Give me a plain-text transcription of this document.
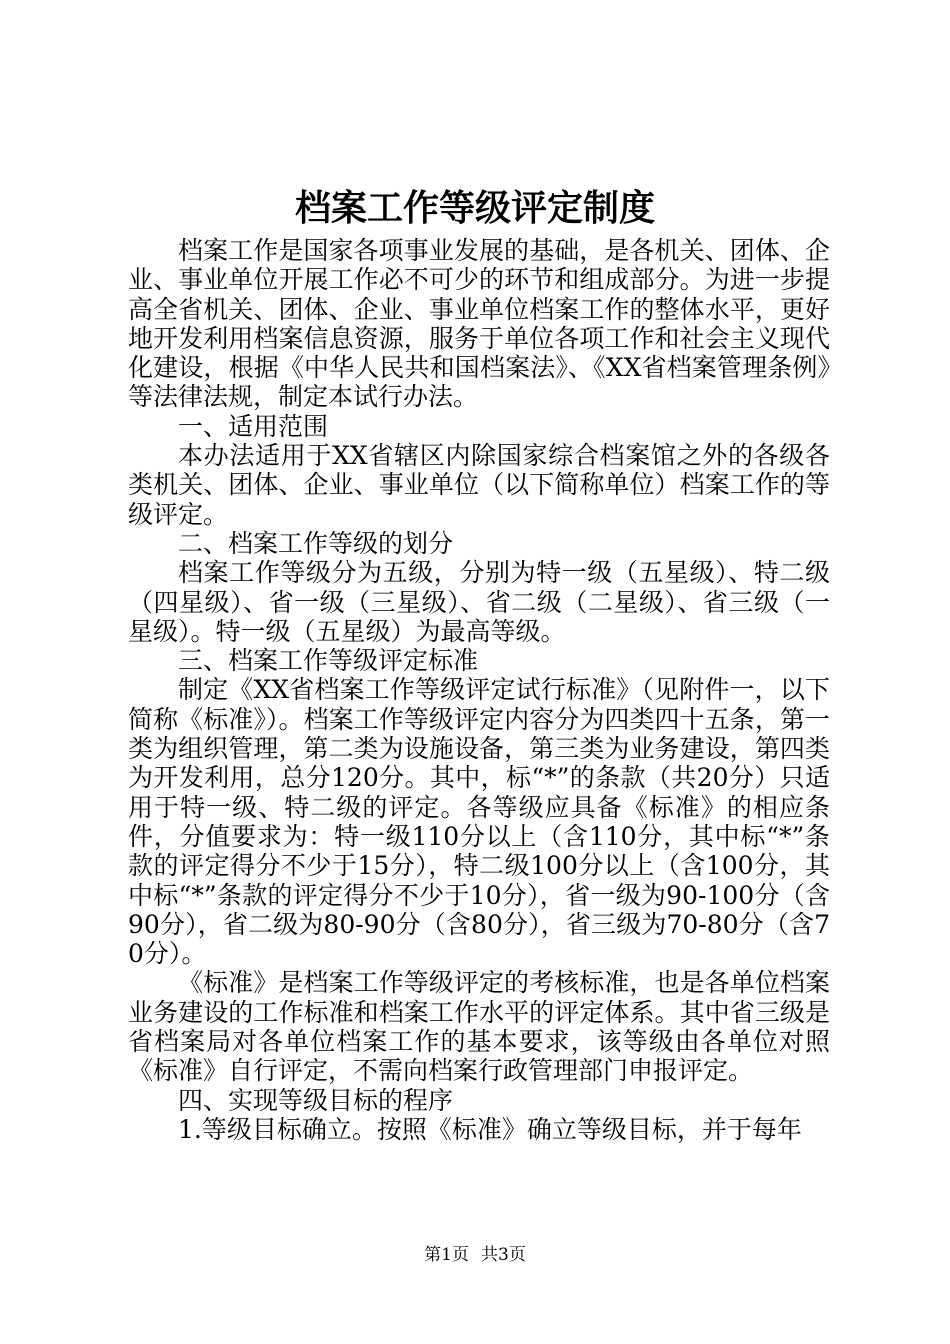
档案工作等级评定制度

档案工作是国家各项事业发展的基础，是各机关、团体、企业、事业单位开展工作必不可少的环节和组成部分。为进一步提高全省机关、团体、企业、事业单位档案工作的整体水平，更好地开发利用档案信息资源，服务于单位各项工作和社会主义现代化建设，根据《中华人民共和国档案法》、《XX省档案管理条例》等法律法规，制定本试行办法。

一、适用范围

本办法适用于XX省辖区内除国家综合档案馆之外的各级各类机关、团体、企业、事业单位（以下简称单位）档案工作的等级评定。

二、档案工作等级的划分

档案工作等级分为五级，分别为特一级（五星级）、特二级（四星级）、省一级（三星级）、省二级（二星级）、省三级（一星级）。特一级（五星级）为最高等级。

三、档案工作等级评定标准

制定《XX省档案工作等级评定试行标准》（见附件一，以下简称《标准》）。档案工作等级评定内容分为四类四十五条，第一类为组织管理，第二类为设施设备，第三类为业务建设，第四类为开发利用，总分120分。其中，标“*”的条款（共20分）只适用于特一级、特二级的评定。各等级应具备《标准》的相应条件，分值要求为：特一级110分以上（含110分，其中标“*”条款的评定得分不少于15分），特二级100分以上（含100分，其中标“*”条款的评定得分不少于10分），省一级为90-100分（含90分），省二级为80-90分（含80分），省三级为70-80分（含70分）。

《标准》是档案工作等级评定的考核标准，也是各单位档案业务建设的工作标准和档案工作水平的评定体系。其中省三级是省档案局对各单位档案工作的基本要求，该等级由各单位对照《标准》自行评定，不需向档案行政管理部门申报评定。

四、实现等级目标的程序

1.等级目标确立。按照《标准》确立等级目标，并于每年

第1页 共3页
